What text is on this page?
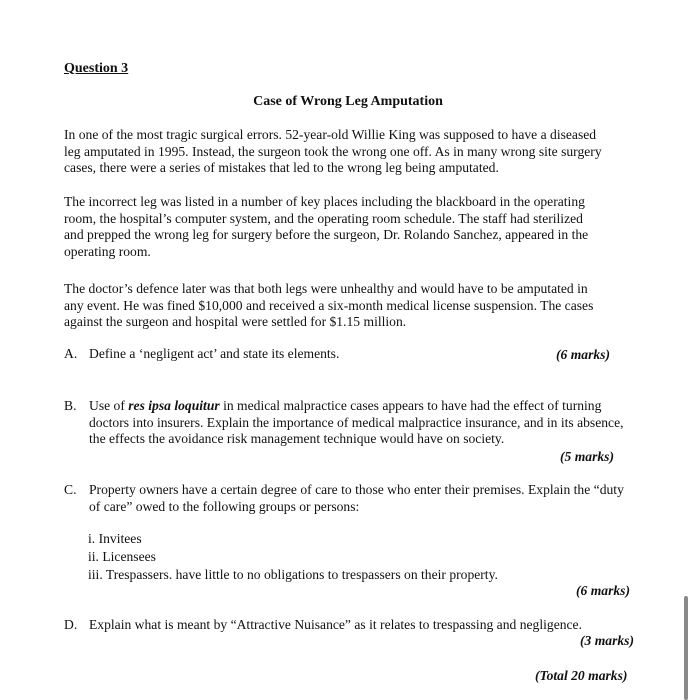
Question 3
Case of Wrong Leg Amputation
In one of the most tragic surgical errors. 52-year-old Willie King was supposed to have a diseased
leg amputated in 1995. Instead, the surgeon took the wrong one off. As in many wrong site surgery
cases, there were a series of mistakes that led to the wrong leg being amputated.
The incorrect leg was listed in a number of key places including the blackboard in the operating
room, the hospital’s computer system, and the operating room schedule. The staff had sterilized
and prepped the wrong leg for surgery before the surgeon, Dr. Rolando Sanchez, appeared in the
operating room.
The doctor’s defence later was that both legs were unhealthy and would have to be amputated in
any event. He was fined $10,000 and received a six-month medical license suspension. The cases
against the surgeon and hospital were settled for $1.15 million.
A. Define a ‘negligent act’ and state its elements.	(6 marks)
B. Use of res ipsa loquitur in medical malpractice cases appears to have had the effect of turning doctors into insurers. Explain the importance of medical malpractice insurance, and in its absence, the effects the avoidance risk management technique would have on society.
(5 marks)
C. Property owners have a certain degree of care to those who enter their premises. Explain the “duty of care” owed to the following groups or persons:
i. Invitees
ii. Licensees
iii. Trespassers. have little to no obligations to trespassers on their property.
(6 marks)
D. Explain what is meant by “Attractive Nuisance” as it relates to trespassing and negligence.
(3 marks)
(Total 20 marks)
